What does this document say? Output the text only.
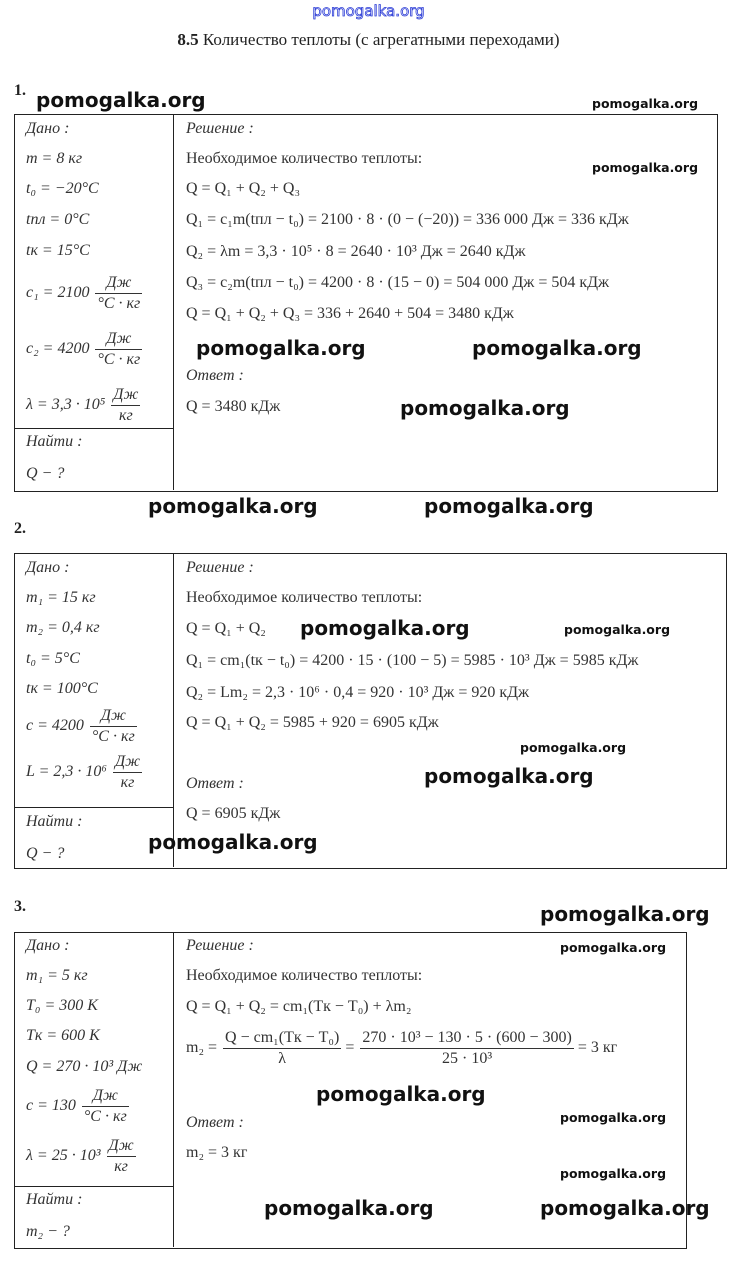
pomogalka.org
8.5 Количество теплоты (с агрегатными переходами)
1.
Дано :
m = 8 кг
t₀ = −20°C
tпл = 0°C
tк = 15°C
$c_1 = 2100 \frac{Дж}{^\circ C \cdot кг}$
$c_2 = 4200 \frac{Дж}{^\circ C \cdot кг}$
$\lambda = 3,3 \cdot 10^5 \frac{Дж}{кг}$
Найти :
Q − ?
Решение :
Необходимое количество теплоты:
Q = Q₁ + Q₂ + Q₃
Q₁ = c₁m(tпл − t₀) = 2100 · 8 · (0 − (−20)) = 336 000 Дж = 336 кДж
Q₂ = λm = 3,3 · 10⁵ · 8 = 2640 · 10³ Дж = 2640 кДж
Q₃ = c₂m(tпл − t₀) = 4200 · 8 · (15 − 0) = 504 000 Дж = 504 кДж
Q = Q₁ + Q₂ + Q₃ = 336 + 2640 + 504 = 3480 кДж
Ответ :
Q = 3480 кДж
pomogalka.org
pomogalka.org	pomogalka.org
pomogalka.org
pomogalka.org	pomogalka.org
pomogalka.org
pomogalka.org
2.
Дано :
m₁ = 15 кг
m₂ = 0,4 кг
t₀ = 5°C
tк = 100°C
$c = 4200 \frac{Дж}{^\circ C \cdot кг}$
$L = 2,3 \cdot 10^6 \frac{Дж}{кг}$
Найти :
Q − ?
Решение :
Необходимое количество теплоты:
Q = Q₁ + Q₂
Q₁ = cm₁(tк − t₀) = 4200 · 15 · (100 − 5) = 5985 · 10³ Дж = 5985 кДж
Q₂ = Lm₂ = 2,3 · 10⁶ · 0,4 = 920 · 10³ Дж = 920 кДж
Q = Q₁ + Q₂ = 5985 + 920 = 6905 кДж
Ответ :
Q = 6905 кДж
pomogalka.org
pomogalka.org
pomogalka.org
pomogalka.org
pomogalka.org
3.
Дано :
m₁ = 5 кг
T₀ = 300 К
Tк = 600 К
Q = 270 · 10³ Дж
$c = 130 \frac{Дж}{^\circ C \cdot кг}$
$\lambda = 25 \cdot 10^3 \frac{Дж}{кг}$
Найти :
m₂ − ?
Решение :
Необходимое количество теплоты:
Q = Q₁ + Q₂ = cm₁(Tк − T₀) + λm₂
$m_2 = \frac{\text{Q − cm₁(Tк − T₀)}}{\lambda} = \frac{\text{270 · 10³ − 130 · 5 · (600 − 300)}}{\text{25 · 10³}} = 3$ кг
Ответ :
m₂ = 3 кг
pomogalka.org
pomogalka.org
pomogalka.org	pomogalka.org
pomogalka.org
pomogalka.org
pomogalka.org
